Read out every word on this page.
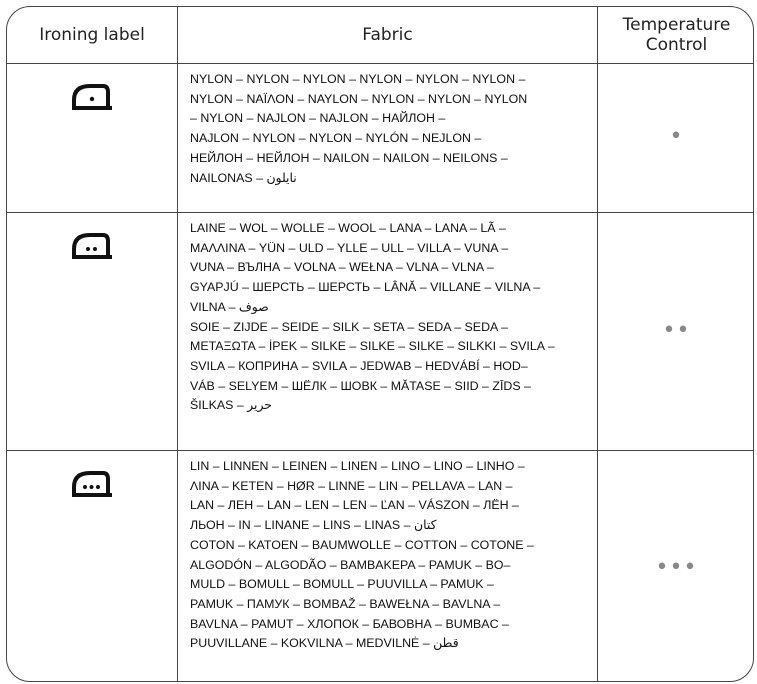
Ironing label	Fabric	Temperature
Control

NYLON – NYLON – NYLON – NYLON – NYLON – NYLON –

NYLON – NAÏΛON – NAYLON – NYLON – NYLON – NYLON

– NYLON – NAJLON – NAJLON – НАЙЛОН –

NAJLON – NYLON – NYLON – NYLÓN – NEJLON –

НЕЙЛОН – НЕЙЛОН – NAILON – NAILON – NEILONS –

NAILONAS – نايلون

•

LAINE – WOL – WOLLE – WOOL – LANA – LANA – LÃ –

MAΛΛΙΝΑ – YÜN – ULD – YLLE – ULL – VILLA – VUNA –

VUNA – ВЪЛНА – VOLNA – WEŁNA – VLNA – VLNA –

GYAPJÚ – ШЕРСТЬ – ШЕРСТЬ – LÂNĂ – VILLANE – VILNA –

VILNA – صوف

SOIE – ZIJDE – SEIDE – SILK – SETA – SEDA – SEDA –

ΜΕΤΑΞΩΤΑ – İPEK – SILKE – SILKE – SILKE – SILKKI – SVILA –

SVILA – КОПРИНА – SVILA – JEDWAB – HEDVÁBÍ – HOD–

VÁB – SELYEM – ШЁЛК – ШОВК – MĂTASE – SIID – ZĪDS –

ŠILKAS – حرير

••

LIN – LINNEN – LEINEN – LINEN – LINO – LINO – LINHO –

ΛΙΝΑ – KETEN – HØR – LINNE – LIN – PELLAVA – LAN –

LAN – ЛЕН – LAN – LEN – LEN – ĽAN – VÁSZON – ЛЁН –

ЛЬОН – IN – LINANE – LINS – LINAS – كتان

COTON – KATOEN – BAUMWOLLE – COTTON – COTONE –

ALGODÓN – ALGODÃO – BAMBAKEPA – PAMUK – BO–

MULD – BOMULL – BOMULL – PUUVILLA – PAMUK –

PAMUK – ПАМУК – BOMBAŽ – BAWEŁNA – BAVLNA –

BAVLNA – PAMUT – ХЛОПОК – БАВОВНА – BUMBAC –

PUUVILLANE – KOKVILNA – MEDVILNĖ – قطن

•••
